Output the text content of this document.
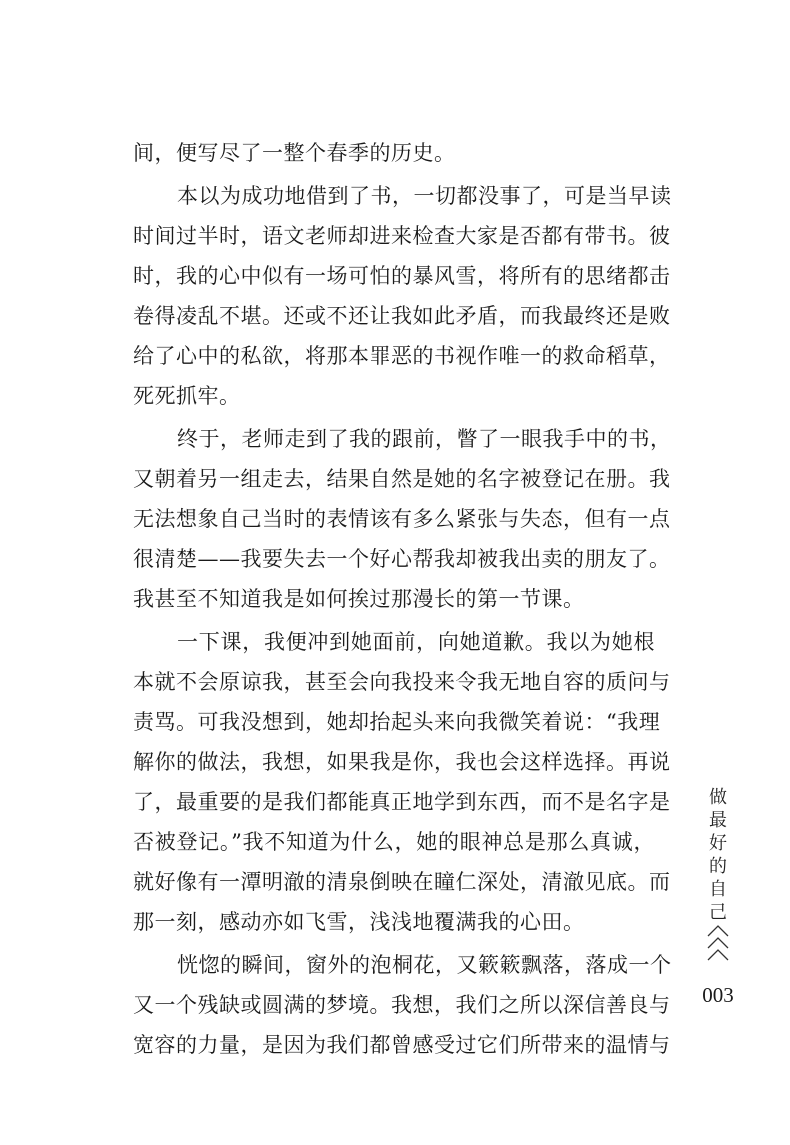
间，便写尽了一整个春季的历史。
本以为成功地借到了书，一切都没事了，可是当早读
时间过半时，语文老师却进来检查大家是否都有带书。彼
时，我的心中似有一场可怕的暴风雪，将所有的思绪都击
卷得凌乱不堪。还或不还让我如此矛盾，而我最终还是败
给了心中的私欲，将那本罪恶的书视作唯一的救命稻草，
死死抓牢。
终于，老师走到了我的跟前，瞥了一眼我手中的书，
又朝着另一组走去，结果自然是她的名字被登记在册。我
无法想象自己当时的表情该有多么紧张与失态，但有一点
很清楚——我要失去一个好心帮我却被我出卖的朋友了。
我甚至不知道我是如何挨过那漫长的第一节课。
一下课，我便冲到她面前，向她道歉。我以为她根
本就不会原谅我，甚至会向我投来令我无地自容的质问与
责骂。可我没想到，她却抬起头来向我微笑着说：“我理
解你的做法，我想，如果我是你，我也会这样选择。再说
了，最重要的是我们都能真正地学到东西，而不是名字是
否被登记。”我不知道为什么，她的眼神总是那么真诚，
就好像有一潭明澈的清泉倒映在瞳仁深处，清澈见底。而
那一刻，感动亦如飞雪，浅浅地覆满我的心田。
恍惚的瞬间，窗外的泡桐花，又簌簌飘落，落成一个
又一个残缺或圆满的梦境。我想，我们之所以深信善良与
宽容的力量，是因为我们都曾感受过它们所带来的温情与
做
最
好
的
自
己
003
